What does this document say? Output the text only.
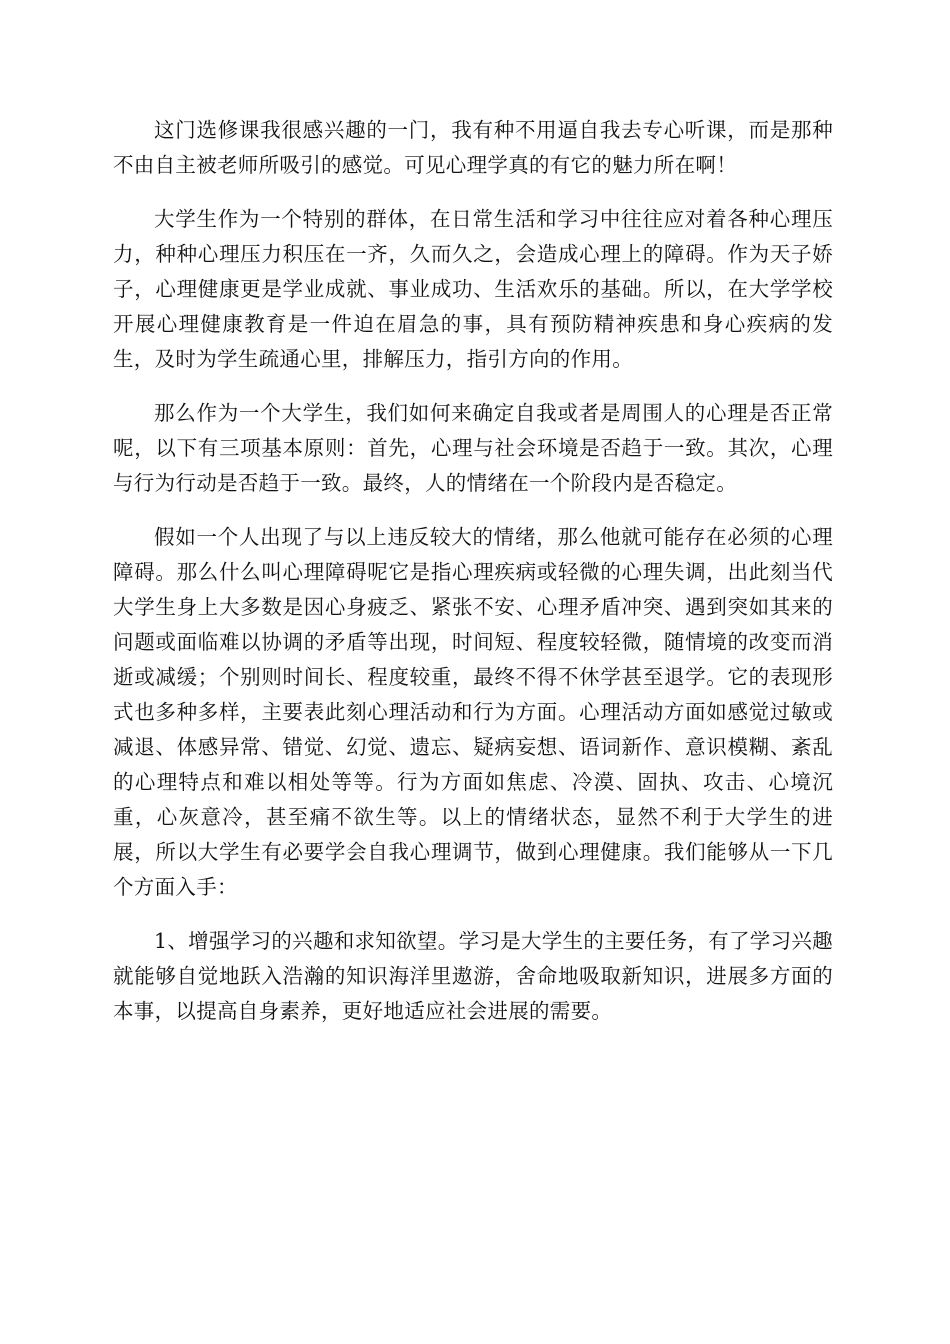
这门选修课我很感兴趣的一门，我有种不用逼自我去专心听课，而是那种不由自主被老师所吸引的感觉。可见心理学真的有它的魅力所在啊！

大学生作为一个特别的群体，在日常生活和学习中往往应对着各种心理压力，种种心理压力积压在一齐，久而久之，会造成心理上的障碍。作为天子娇子，心理健康更是学业成就、事业成功、生活欢乐的基础。所以，在大学学校开展心理健康教育是一件迫在眉急的事，具有预防精神疾患和身心疾病的发生，及时为学生疏通心里，排解压力，指引方向的作用。

那么作为一个大学生，我们如何来确定自我或者是周围人的心理是否正常呢，以下有三项基本原则：首先，心理与社会环境是否趋于一致。其次，心理与行为行动是否趋于一致。最终，人的情绪在一个阶段内是否稳定。

假如一个人出现了与以上违反较大的情绪，那么他就可能存在必须的心理障碍。那么什么叫心理障碍呢它是指心理疾病或轻微的心理失调，出此刻当代大学生身上大多数是因心身疲乏、紧张不安、心理矛盾冲突、遇到突如其来的问题或面临难以协调的矛盾等出现，时间短、程度较轻微，随情境的改变而消逝或减缓；个别则时间长、程度较重，最终不得不休学甚至退学。它的表现形式也多种多样，主要表此刻心理活动和行为方面。心理活动方面如感觉过敏或减退、体感异常、错觉、幻觉、遗忘、疑病妄想、语词新作、意识模糊、紊乱的心理特点和难以相处等等。行为方面如焦虑、冷漠、固执、攻击、心境沉重，心灰意冷，甚至痛不欲生等。以上的情绪状态，显然不利于大学生的进展，所以大学生有必要学会自我心理调节，做到心理健康。我们能够从一下几个方面入手：

1、增强学习的兴趣和求知欲望。学习是大学生的主要任务，有了学习兴趣就能够自觉地跃入浩瀚的知识海洋里遨游，舍命地吸取新知识，进展多方面的本事，以提高自身素养，更好地适应社会进展的需要。
